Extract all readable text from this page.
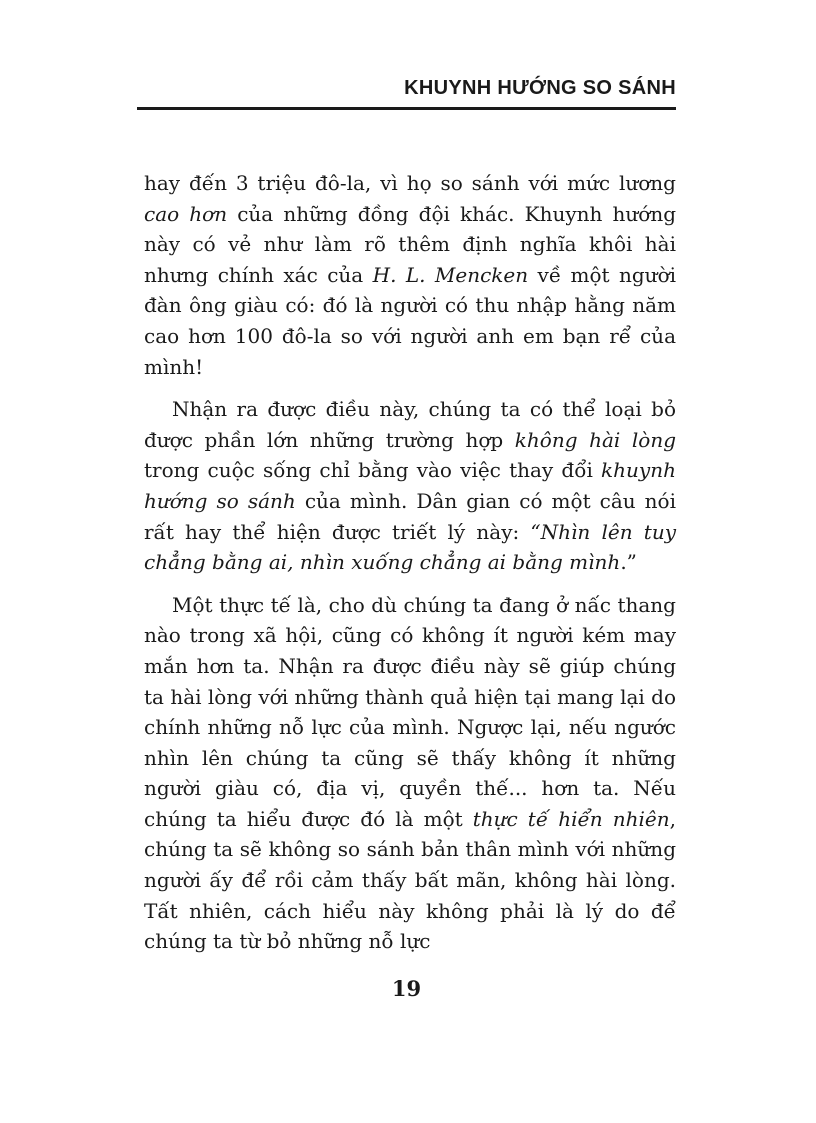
KHUYNH HƯỚNG SO SÁNH

hay đến 3 triệu đô-la, vì họ so sánh với mức lương cao hơn của những đồng đội khác. Khuynh hướng này có vẻ như làm rõ thêm định nghĩa khôi hài nhưng chính xác của H. L. Mencken về một người đàn ông giàu có: đó là người có thu nhập hằng năm cao hơn 100 đô-la so với người anh em bạn rể của mình!

Nhận ra được điều này, chúng ta có thể loại bỏ được phần lớn những trường hợp không hài lòng trong cuộc sống chỉ bằng vào việc thay đổi khuynh hướng so sánh của mình. Dân gian có một câu nói rất hay thể hiện được triết lý này: “Nhìn lên tuy chẳng bằng ai, nhìn xuống chẳng ai bằng mình.”

Một thực tế là, cho dù chúng ta đang ở nấc thang nào trong xã hội, cũng có không ít người kém may mắn hơn ta. Nhận ra được điều này sẽ giúp chúng ta hài lòng với những thành quả hiện tại mang lại do chính những nỗ lực của mình. Ngược lại, nếu ngước nhìn lên chúng ta cũng sẽ thấy không ít những người giàu có, địa vị, quyền thế... hơn ta. Nếu chúng ta hiểu được đó là một thực tế hiển nhiên, chúng ta sẽ không so sánh bản thân mình với những người ấy để rồi cảm thấy bất mãn, không hài lòng. Tất nhiên, cách hiểu này không phải là lý do để chúng ta từ bỏ những nỗ lực

19
